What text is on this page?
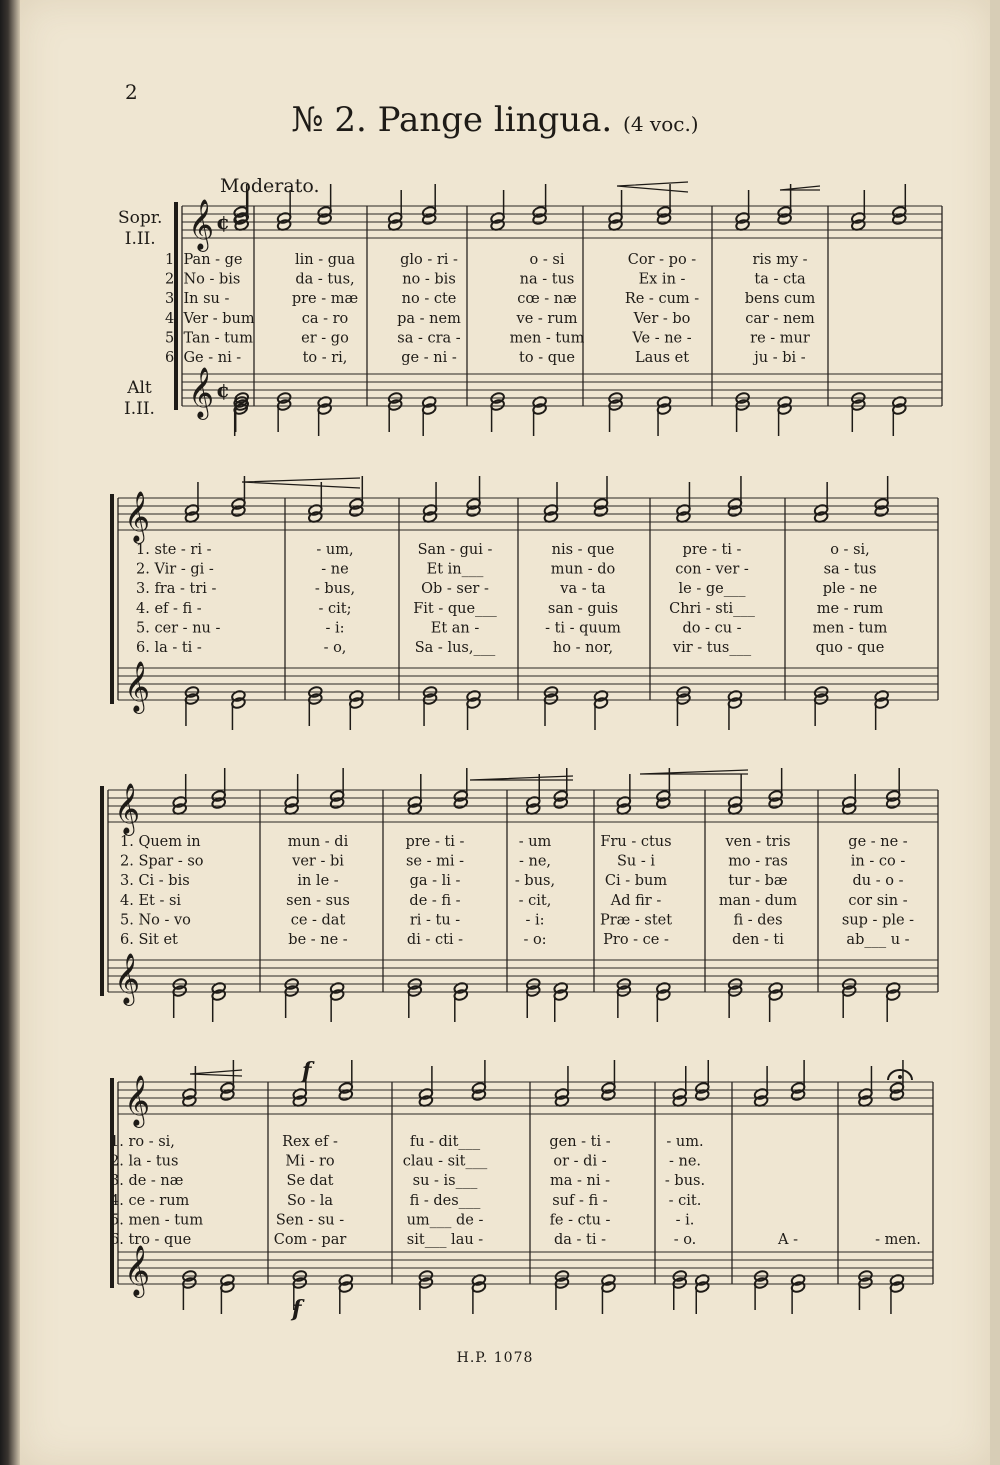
2
№ 2. Pange lingua. (4 voc.)
Moderato.
Sopr.
I.II.
Alt
I.II.
𝄞 ¢
𝄞 ¢
1. Pan - ge
2. No - bis
3. In su -
4. Ver - bum
5. Tan - tum
6. Ge - ni -
lin - gua
da - tus,
pre - mæ
ca - ro
er - go
to - ri,
glo - ri -
no - bis
no - cte
pa - nem
sa - cra -
ge - ni -
o - si
na - tus
cœ - næ
ve - rum
men - tum
to - que
Cor - po -
Ex in -
Re - cum -
Ver - bo
Ve - ne -
Laus et
ris my -
ta - cta
bens cum
car - nem
re - mur
ju - bi -
𝄞
𝄞
1. ste - ri -
2. Vir - gi -
3. fra - tri -
4. ef - fi -
5. cer - nu -
6. la - ti -
- um,
- ne
- bus,
- cit;
- i:
- o,
San - gui -
Et in___
Ob - ser -
Fit - que___
Et an -
Sa - lus,___
nis - que
mun - do
va - ta
san - guis
- ti - quum
ho - nor,
pre - ti -
con - ver -
le - ge___
Chri - sti___
do - cu -
vir - tus___
o - si,
sa - tus
ple - ne
me - rum
men - tum
quo - que
𝄞
𝄞
1. Quem in
2. Spar - so
3. Ci - bis
4. Et - si
5. No - vo
6. Sit et
mun - di
ver - bi
in le -
sen - sus
ce - dat
be - ne -
pre - ti -
se - mi -
ga - li -
de - fi -
ri - tu -
di - cti -
- um
- ne,
- bus,
- cit,
- i:
- o:
Fru - ctus
Su - i
Ci - bum
Ad fir -
Præ - stet
Pro - ce -
ven - tris
mo - ras
tur - bæ
man - dum
fi - des
den - ti
ge - ne -
in - co -
du - o -
cor sin -
sup - ple -
ab___ u -
𝄞
𝄞
1. ro - si,
2. la - tus
3. de - næ
4. ce - rum
5. men - tum
6. tro - que
Rex ef -
Mi - ro
Se dat
So - la
Sen - su -
Com - par
fu - dit___
clau - sit___
su - is___
fi - des___
um___ de -
sit___ lau -
gen - ti -
or - di -
ma - ni -
suf - fi -
fe - ctu -
da - ti -
- um.
- ne.
- bus.
- cit.
- i.
- o.
f
f
A -	- men.
H.P. 1078
